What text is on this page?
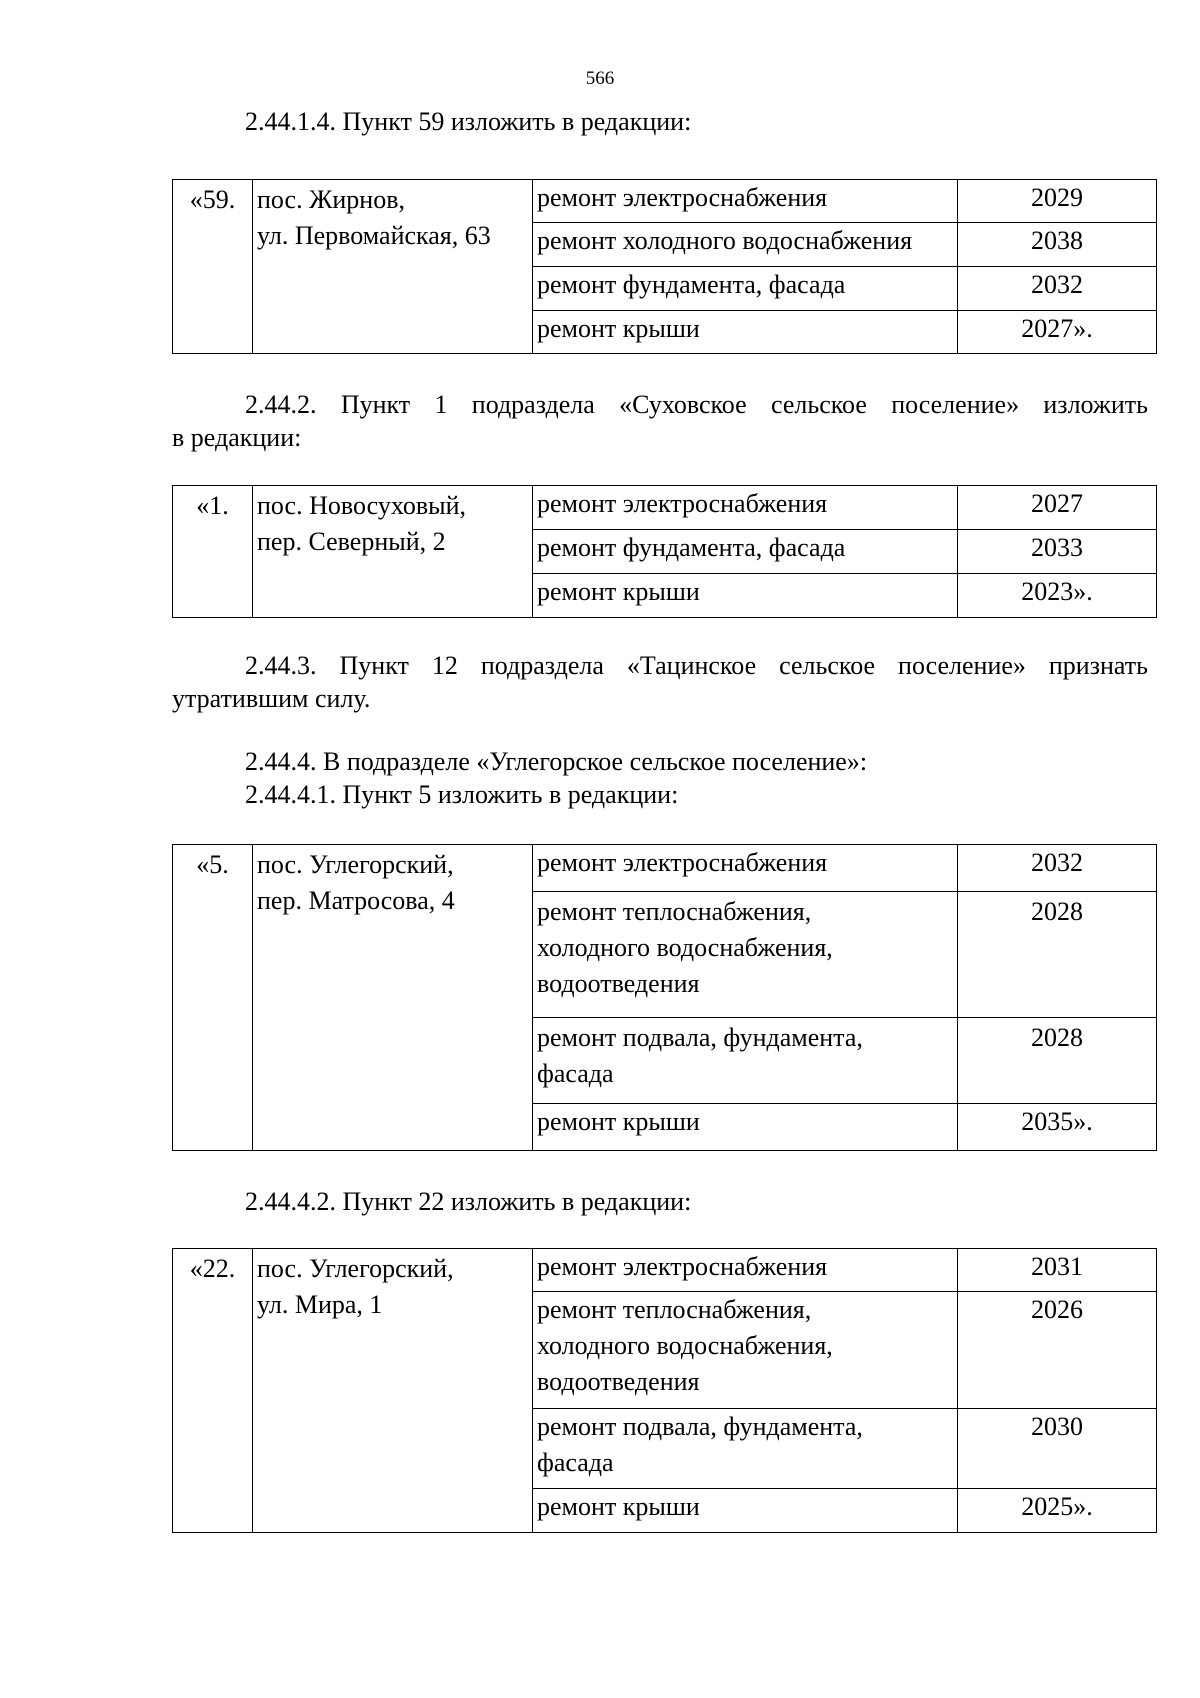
566

2.44.1.4. Пункт 59 изложить в редакции:

«59.	пос. Жирнов,
ул. Первомайская, 63	ремонт электроснабжения	2029

		ремонт холодного водоснабжения	2038

		ремонт фундамента, фасада	2032

		ремонт крыши	2027».

2.44.2. Пункт 1 подраздела «Суховское сельское поселение» изложить

в редакции:

«1.	пос. Новосуховый,
пер. Северный, 2	ремонт электроснабжения	2027

		ремонт фундамента, фасада	2033

		ремонт крыши	2023».

2.44.3. Пункт 12 подраздела «Тацинское сельское поселение» признать

утратившим силу.

2.44.4. В подразделе «Углегорское сельское поселение»:

2.44.4.1. Пункт 5 изложить в редакции:

«5.	пос. Углегорский,
пер. Матросова, 4	ремонт электроснабжения	2032

		ремонт теплоснабжения,
холодного водоснабжения,
водоотведения	2028

		ремонт подвала, фундамента,
фасада	2028

		ремонт крыши	2035».

2.44.4.2. Пункт 22 изложить в редакции:

«22.	пос. Углегорский,
ул. Мира, 1	ремонт электроснабжения	2031

		ремонт теплоснабжения,
холодного водоснабжения,
водоотведения	2026

		ремонт подвала, фундамента,
фасада	2030

		ремонт крыши	2025».
